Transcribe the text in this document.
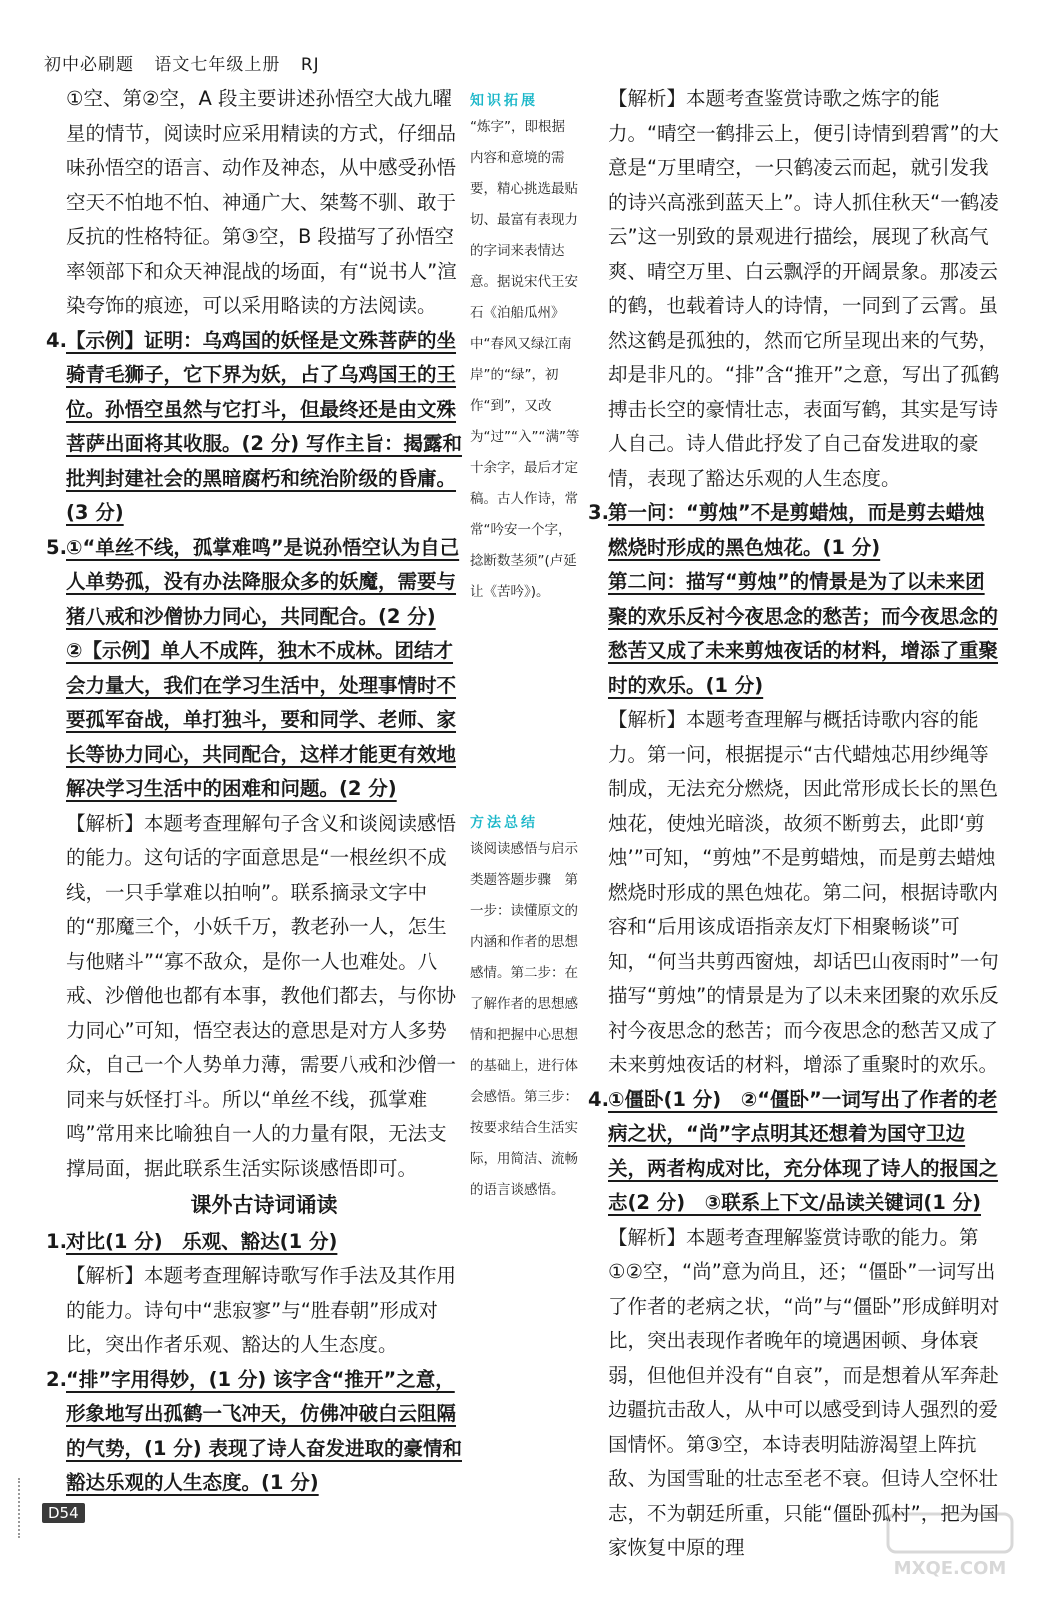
初中必刷题 语文七年级上册 RJ

①空、第②空，A 段主要讲述孙悟空大战九曜星的情节，阅读时应采用精读的方式，仔细品味孙悟空的语言、动作及神态，从中感受孙悟空天不怕地不怕、神通广大、桀骜不驯、敢于反抗的性格特征。第③空，B 段描写了孙悟空率领部下和众天神混战的场面，有“说书人”渲染夸饰的痕迹，可以采用略读的方法阅读。

4. 【示例】证明：乌鸡国的妖怪是文殊菩萨的坐骑青毛狮子，它下界为妖，占了乌鸡国王的王位。孙悟空虽然与它打斗，但最终还是由文殊菩萨出面将其收服。(2 分) 写作主旨：揭露和批判封建社会的黑暗腐朽和统治阶级的昏庸。(3 分)

5. ①“单丝不线，孤掌难鸣”是说孙悟空认为自己人单势孤，没有办法降服众多的妖魔，需要与猪八戒和沙僧协力同心，共同配合。(2 分)

②【示例】单人不成阵，独木不成林。团结才会力量大，我们在学习生活中，处理事情时不要孤军奋战，单打独斗，要和同学、老师、家长等协力同心，共同配合，这样才能更有效地解决学习生活中的困难和问题。(2 分)

【解析】本题考查理解句子含义和谈阅读感悟的能力。这句话的字面意思是“一根丝织不成线，一只手掌难以拍响”。联系摘录文字中的“那魔三个，小妖千万，教老孙一人，怎生与他赌斗”“寡不敌众，是你一人也难处。八戒、沙僧他也都有本事，教他们都去，与你协力同心”可知，悟空表达的意思是对方人多势众，自己一个人势单力薄，需要八戒和沙僧一同来与妖怪打斗。所以“单丝不线，孤掌难鸣”常用来比喻独自一人的力量有限，无法支撑局面，据此联系生活实际谈感悟即可。

课外古诗词诵读

1. 对比(1 分)　乐观、豁达(1 分)

【解析】本题考查理解诗歌写作手法及其作用的能力。诗句中“悲寂寥”与“胜春朝”形成对比，突出作者乐观、豁达的人生态度。

2. “排”字用得妙，(1 分) 该字含“推开”之意，形象地写出孤鹤一飞冲天，仿佛冲破白云阻隔的气势，(1 分) 表现了诗人奋发进取的豪情和豁达乐观的人生态度。(1 分)

知识拓展
“炼字”，即根据内容和意境的需要，精心挑选最贴切、最富有表现力的字词来表情达意。据说宋代王安石《泊船瓜州》中“春风又绿江南岸”的“绿”，初作“到”，又改为“过”“入”“满”等十余字，最后才定稿。古人作诗，常常“吟安一个字，捻断数茎须”(卢延让《苦吟》)。
方法总结
谈阅读感悟与启示类题答题步骤　第一步：读懂原文的内涵和作者的思想感情。第二步：在了解作者的思想感情和把握中心思想的基础上，进行体会感悟。第三步：按要求结合生活实际，用简洁、流畅的语言谈感悟。

【解析】本题考查鉴赏诗歌之炼字的能力。“晴空一鹤排云上，便引诗情到碧霄”的大意是“万里晴空，一只鹤凌云而起，就引发我的诗兴高涨到蓝天上”。诗人抓住秋天“一鹤凌云”这一别致的景观进行描绘，展现了秋高气爽、晴空万里、白云飘浮的开阔景象。那凌云的鹤，也载着诗人的诗情，一同到了云霄。虽然这鹤是孤独的，然而它所呈现出来的气势，却是非凡的。“排”含“推开”之意，写出了孤鹤搏击长空的豪情壮志，表面写鹤，其实是写诗人自己。诗人借此抒发了自己奋发进取的豪情，表现了豁达乐观的人生态度。

3. 第一问：“剪烛”不是剪蜡烛，而是剪去蜡烛燃烧时形成的黑色烛花。(1 分)

第二问：描写“剪烛”的情景是为了以未来团聚的欢乐反衬今夜思念的愁苦；而今夜思念的愁苦又成了未来剪烛夜话的材料，增添了重聚时的欢乐。(1 分)

【解析】本题考查理解与概括诗歌内容的能力。第一问，根据提示“古代蜡烛芯用纱绳等制成，无法充分燃烧，因此常形成长长的黑色烛花，使烛光暗淡，故须不断剪去，此即‘剪烛’”可知，“剪烛”不是剪蜡烛，而是剪去蜡烛燃烧时形成的黑色烛花。第二问，根据诗歌内容和“后用该成语指亲友灯下相聚畅谈”可知，“何当共剪西窗烛，却话巴山夜雨时”一句描写“剪烛”的情景是为了以未来团聚的欢乐反衬今夜思念的愁苦；而今夜思念的愁苦又成了未来剪烛夜话的材料，增添了重聚时的欢乐。

4. ①僵卧(1 分)　②“僵卧”一词写出了作者的老病之状，“尚”字点明其还想着为国守卫边关，两者构成对比，充分体现了诗人的报国之志(2 分)　③联系上下文/品读关键词(1 分)

【解析】本题考查理解鉴赏诗歌的能力。第①②空，“尚”意为尚且，还；“僵卧”一词写出了作者的老病之状，“尚”与“僵卧”形成鲜明对比，突出表现作者晚年的境遇困顿、身体衰弱，但他但并没有“自哀”，而是想着从军奔赴边疆抗击敌人，从中可以感受到诗人强烈的爱国情怀。第③空，本诗表明陆游渴望上阵抗敌、为国雪耻的壮志至老不衰。但诗人空怀壮志，不为朝廷所重，只能“僵卧孤村”，把为国家恢复中原的理

D54
MXQE.COM
